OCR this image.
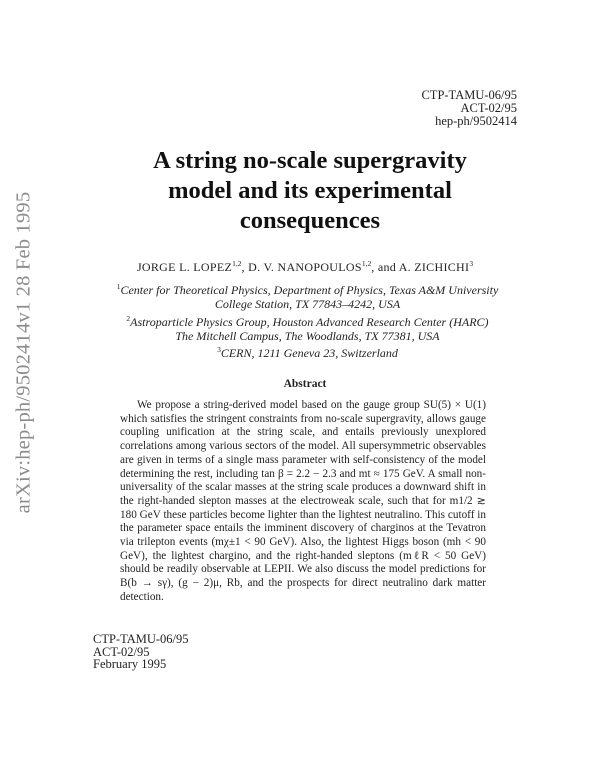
arXiv:hep-ph/9502414v1 28 Feb 1995
CTP-TAMU-06/95
ACT-02/95
hep-ph/9502414
A string no-scale supergravity
model and its experimental
consequences
JORGE L. LOPEZ$^{1,2}$, D. V. NANOPOULOS$^{1,2}$, and A. ZICHICHI$^3$
$^1$Center for Theoretical Physics, Department of Physics, Texas A&M University
College Station, TX 77843–4242, USA
$^2$Astroparticle Physics Group, Houston Advanced Research Center (HARC)
The Mitchell Campus, The Woodlands, TX 77381, USA
$^3$CERN, 1211 Geneva 23, Switzerland
Abstract
We propose a string-derived model based on the gauge group SU(5) × U(1) which satisfies the stringent constraints from no-scale supergravity, allows gauge coupling unification at the string scale, and entails previously unexplored correlations among various sectors of the model. All supersymmetric observables are given in terms of a single mass parameter with self-consistency of the model determining the rest, including tan β = 2.2 − 2.3 and mt ≈ 175 GeV. A small non-universality of the scalar masses at the string scale produces a downward shift in the right-handed slepton masses at the electroweak scale, such that for m1/2 ≳ 180 GeV these particles become lighter than the lightest neutralino. This cutoff in the parameter space entails the imminent discovery of charginos at the Tevatron via trilepton events (mχ±1 < 90 GeV). Also, the lightest Higgs boson (mh < 90 GeV), the lightest chargino, and the right-handed sleptons (mℓR < 50 GeV) should be readily observable at LEPII. We also discuss the model predictions for B(b → sγ), (g − 2)μ, Rb, and the prospects for direct neutralino dark matter detection.
CTP-TAMU-06/95
ACT-02/95
February 1995
